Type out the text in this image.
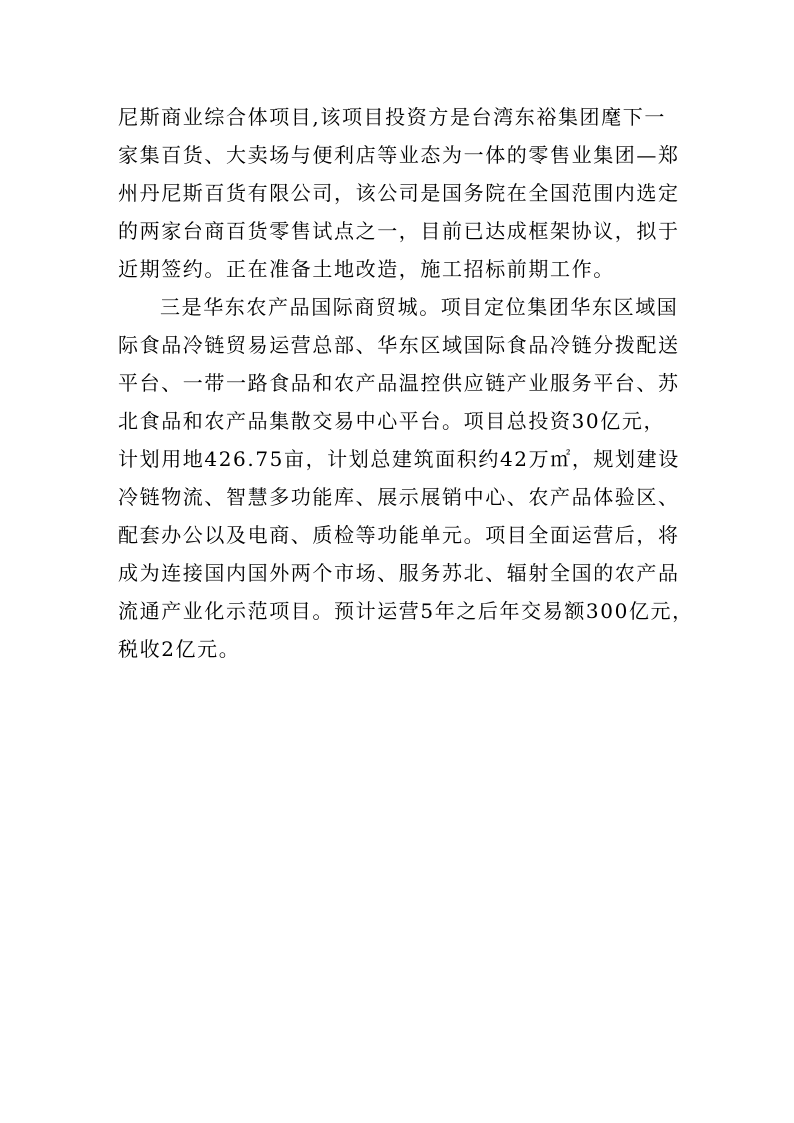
尼斯商业综合体项目,该项目投资方是台湾东裕集团麾下一
家集百货、大卖场与便利店等业态为一体的零售业集团—郑
州丹尼斯百货有限公司，该公司是国务院在全国范围内选定
的两家台商百货零售试点之一，目前已达成框架协议，拟于
近期签约。正在准备土地改造，施工招标前期工作。
三是华东农产品国际商贸城。项目定位集团华东区域国
际食品冷链贸易运营总部、华东区域国际食品冷链分拨配送
平台、一带一路食品和农产品温控供应链产业服务平台、苏
北食品和农产品集散交易中心平台。项目总投资30亿元，
计划用地426.75亩，计划总建筑面积约42万㎡，规划建设
冷链物流、智慧多功能库、展示展销中心、农产品体验区、
配套办公以及电商、质检等功能单元。项目全面运营后，将
成为连接国内国外两个市场、服务苏北、辐射全国的农产品
流通产业化示范项目。预计运营5年之后年交易额300亿元，
税收2亿元。
